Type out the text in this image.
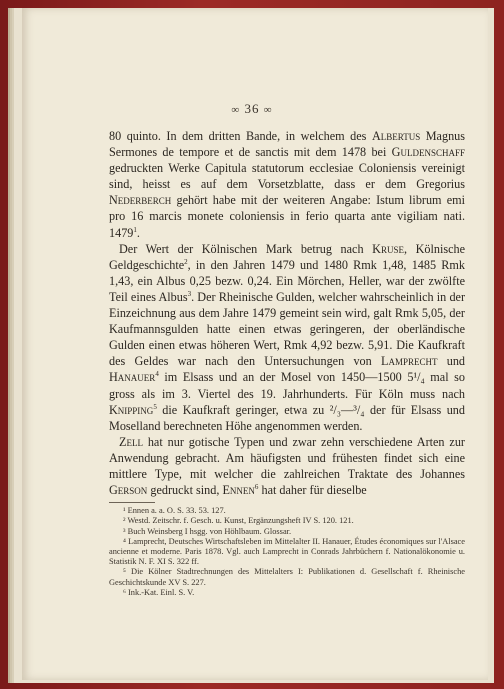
∞ 36 ∞

80 quinto. In dem dritten Bande, in welchem des Albertus Magnus Sermones de tempore et de sanctis mit dem 1478 bei Guldenschaff gedruckten Werke Capitula statutorum ecclesiae Coloniensis vereinigt sind, heisst es auf dem Vorsetzblatte, dass er dem Gregorius Nederberch gehört habe mit der weiteren Angabe: Istum librum emi pro 16 marcis monete coloniensis in ferio quarta ante vigiliam nati. 1479$^1$.

Der Wert der Kölnischen Mark betrug nach Kruse, Kölnische Geldgeschichte$^2$, in den Jahren 1479 und 1480 Rmk 1,48, 1485 Rmk 1,43, ein Albus 0,25 bezw. 0,24. Ein Mörchen, Heller, war der zwölfte Teil eines Albus$^3$. Der Rheinische Gulden, welcher wahrscheinlich in der Einzeichnung aus dem Jahre 1479 gemeint sein wird, galt Rmk 5,05, der Kaufmannsgulden hatte einen etwas geringeren, der oberländische Gulden einen etwas höheren Wert, Rmk 4,92 bezw. 5,91. Die Kaufkraft des Geldes war nach den Untersuchungen von Lamprecht und Hanauer$^4$ im Elsass und an der Mosel von 1450—1500 5¹/₄ mal so gross als im 3. Viertel des 19. Jahrhunderts. Für Köln muss nach Knipping$^5$ die Kaufkraft geringer, etwa zu ²/₃—³/₄ der für Elsass und Moselland berechneten Höhe angenommen werden.

Zell hat nur gotische Typen und zwar zehn verschiedene Arten zur Anwendung gebracht. Am häufigsten und frühesten findet sich eine mittlere Type, mit welcher die zahlreichen Traktate des Johannes Gerson gedruckt sind, Ennen$^6$ hat daher für dieselbe

¹ Ennen a. a. O. S. 33. 53. 127.
² Westd. Zeitschr. f. Gesch. u. Kunst, Ergänzungsheft IV S. 120. 121.
³ Buch Weinsberg I hsgg. von Höhlbaum. Glossar.
⁴ Lamprecht, Deutsches Wirtschaftsleben im Mittelalter II. Hanauer, Études économiques sur l'Alsace ancienne et moderne. Paris 1878. Vgl. auch Lamprecht in Conrads Jahrbüchern f. Nationalökonomie u. Statistik N. F. XI S. 322 ff.
⁵ Die Kölner Stadtrechnungen des Mittelalters I: Publikationen d. Gesellschaft f. Rheinische Geschichtskunde XV S. 227.
⁶ Ink.-Kat. Einl. S. V.
